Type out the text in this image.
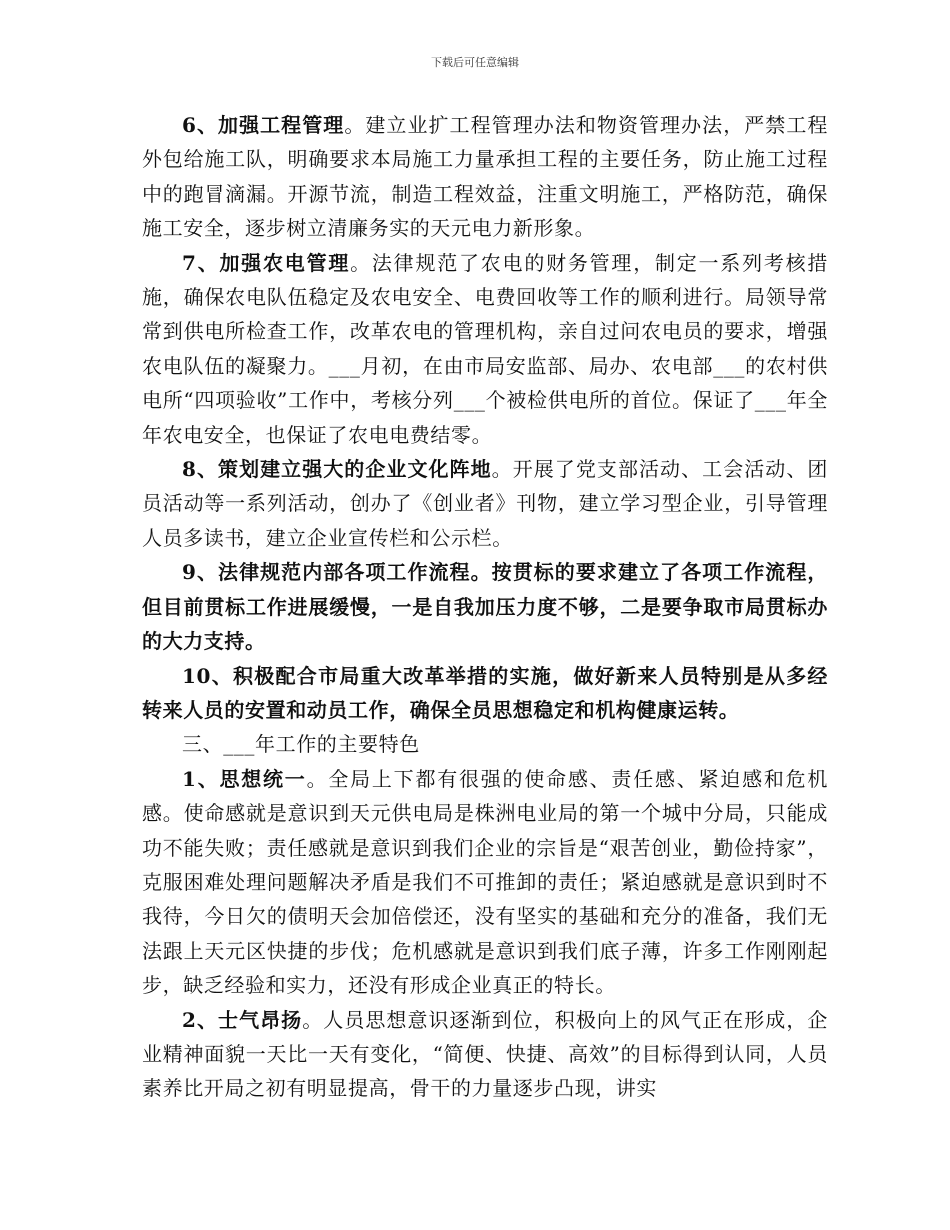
下载后可任意编辑

6、加强工程管理。建立业扩工程管理办法和物资管理办法，严禁工程外包给施工队，明确要求本局施工力量承担工程的主要任务，防止施工过程中的跑冒滴漏。开源节流，制造工程效益，注重文明施工，严格防范，确保施工安全，逐步树立清廉务实的天元电力新形象。

7、加强农电管理。法律规范了农电的财务管理，制定一系列考核措施，确保农电队伍稳定及农电安全、电费回收等工作的顺利进行。局领导常常到供电所检查工作，改革农电的管理机构，亲自过问农电员的要求，增强农电队伍的凝聚力。___月初，在由市局安监部、局办、农电部___的农村供电所“四项验收”工作中，考核分列___个被检供电所的首位。保证了___年全年农电安全，也保证了农电电费结零。

8、策划建立强大的企业文化阵地。开展了党支部活动、工会活动、团员活动等一系列活动，创办了《创业者》刊物，建立学习型企业，引导管理人员多读书，建立企业宣传栏和公示栏。

9、法律规范内部各项工作流程。按贯标的要求建立了各项工作流程，但目前贯标工作进展缓慢，一是自我加压力度不够，二是要争取市局贯标办的大力支持。

10、积极配合市局重大改革举措的实施，做好新来人员特别是从多经转来人员的安置和动员工作，确保全员思想稳定和机构健康运转。

三、___年工作的主要特色

1、思想统一。全局上下都有很强的使命感、责任感、紧迫感和危机感。使命感就是意识到天元供电局是株洲电业局的第一个城中分局，只能成功不能失败；责任感就是意识到我们企业的宗旨是“艰苦创业，勤俭持家”，克服困难处理问题解决矛盾是我们不可推卸的责任；紧迫感就是意识到时不我待，今日欠的债明天会加倍偿还，没有坚实的基础和充分的准备，我们无法跟上天元区快捷的步伐；危机感就是意识到我们底子薄，许多工作刚刚起步，缺乏经验和实力，还没有形成企业真正的特长。

2、士气昂扬。人员思想意识逐渐到位，积极向上的风气正在形成，企业精神面貌一天比一天有变化，“简便、快捷、高效”的目标得到认同，人员素养比开局之初有明显提高，骨干的力量逐步凸现，讲实
